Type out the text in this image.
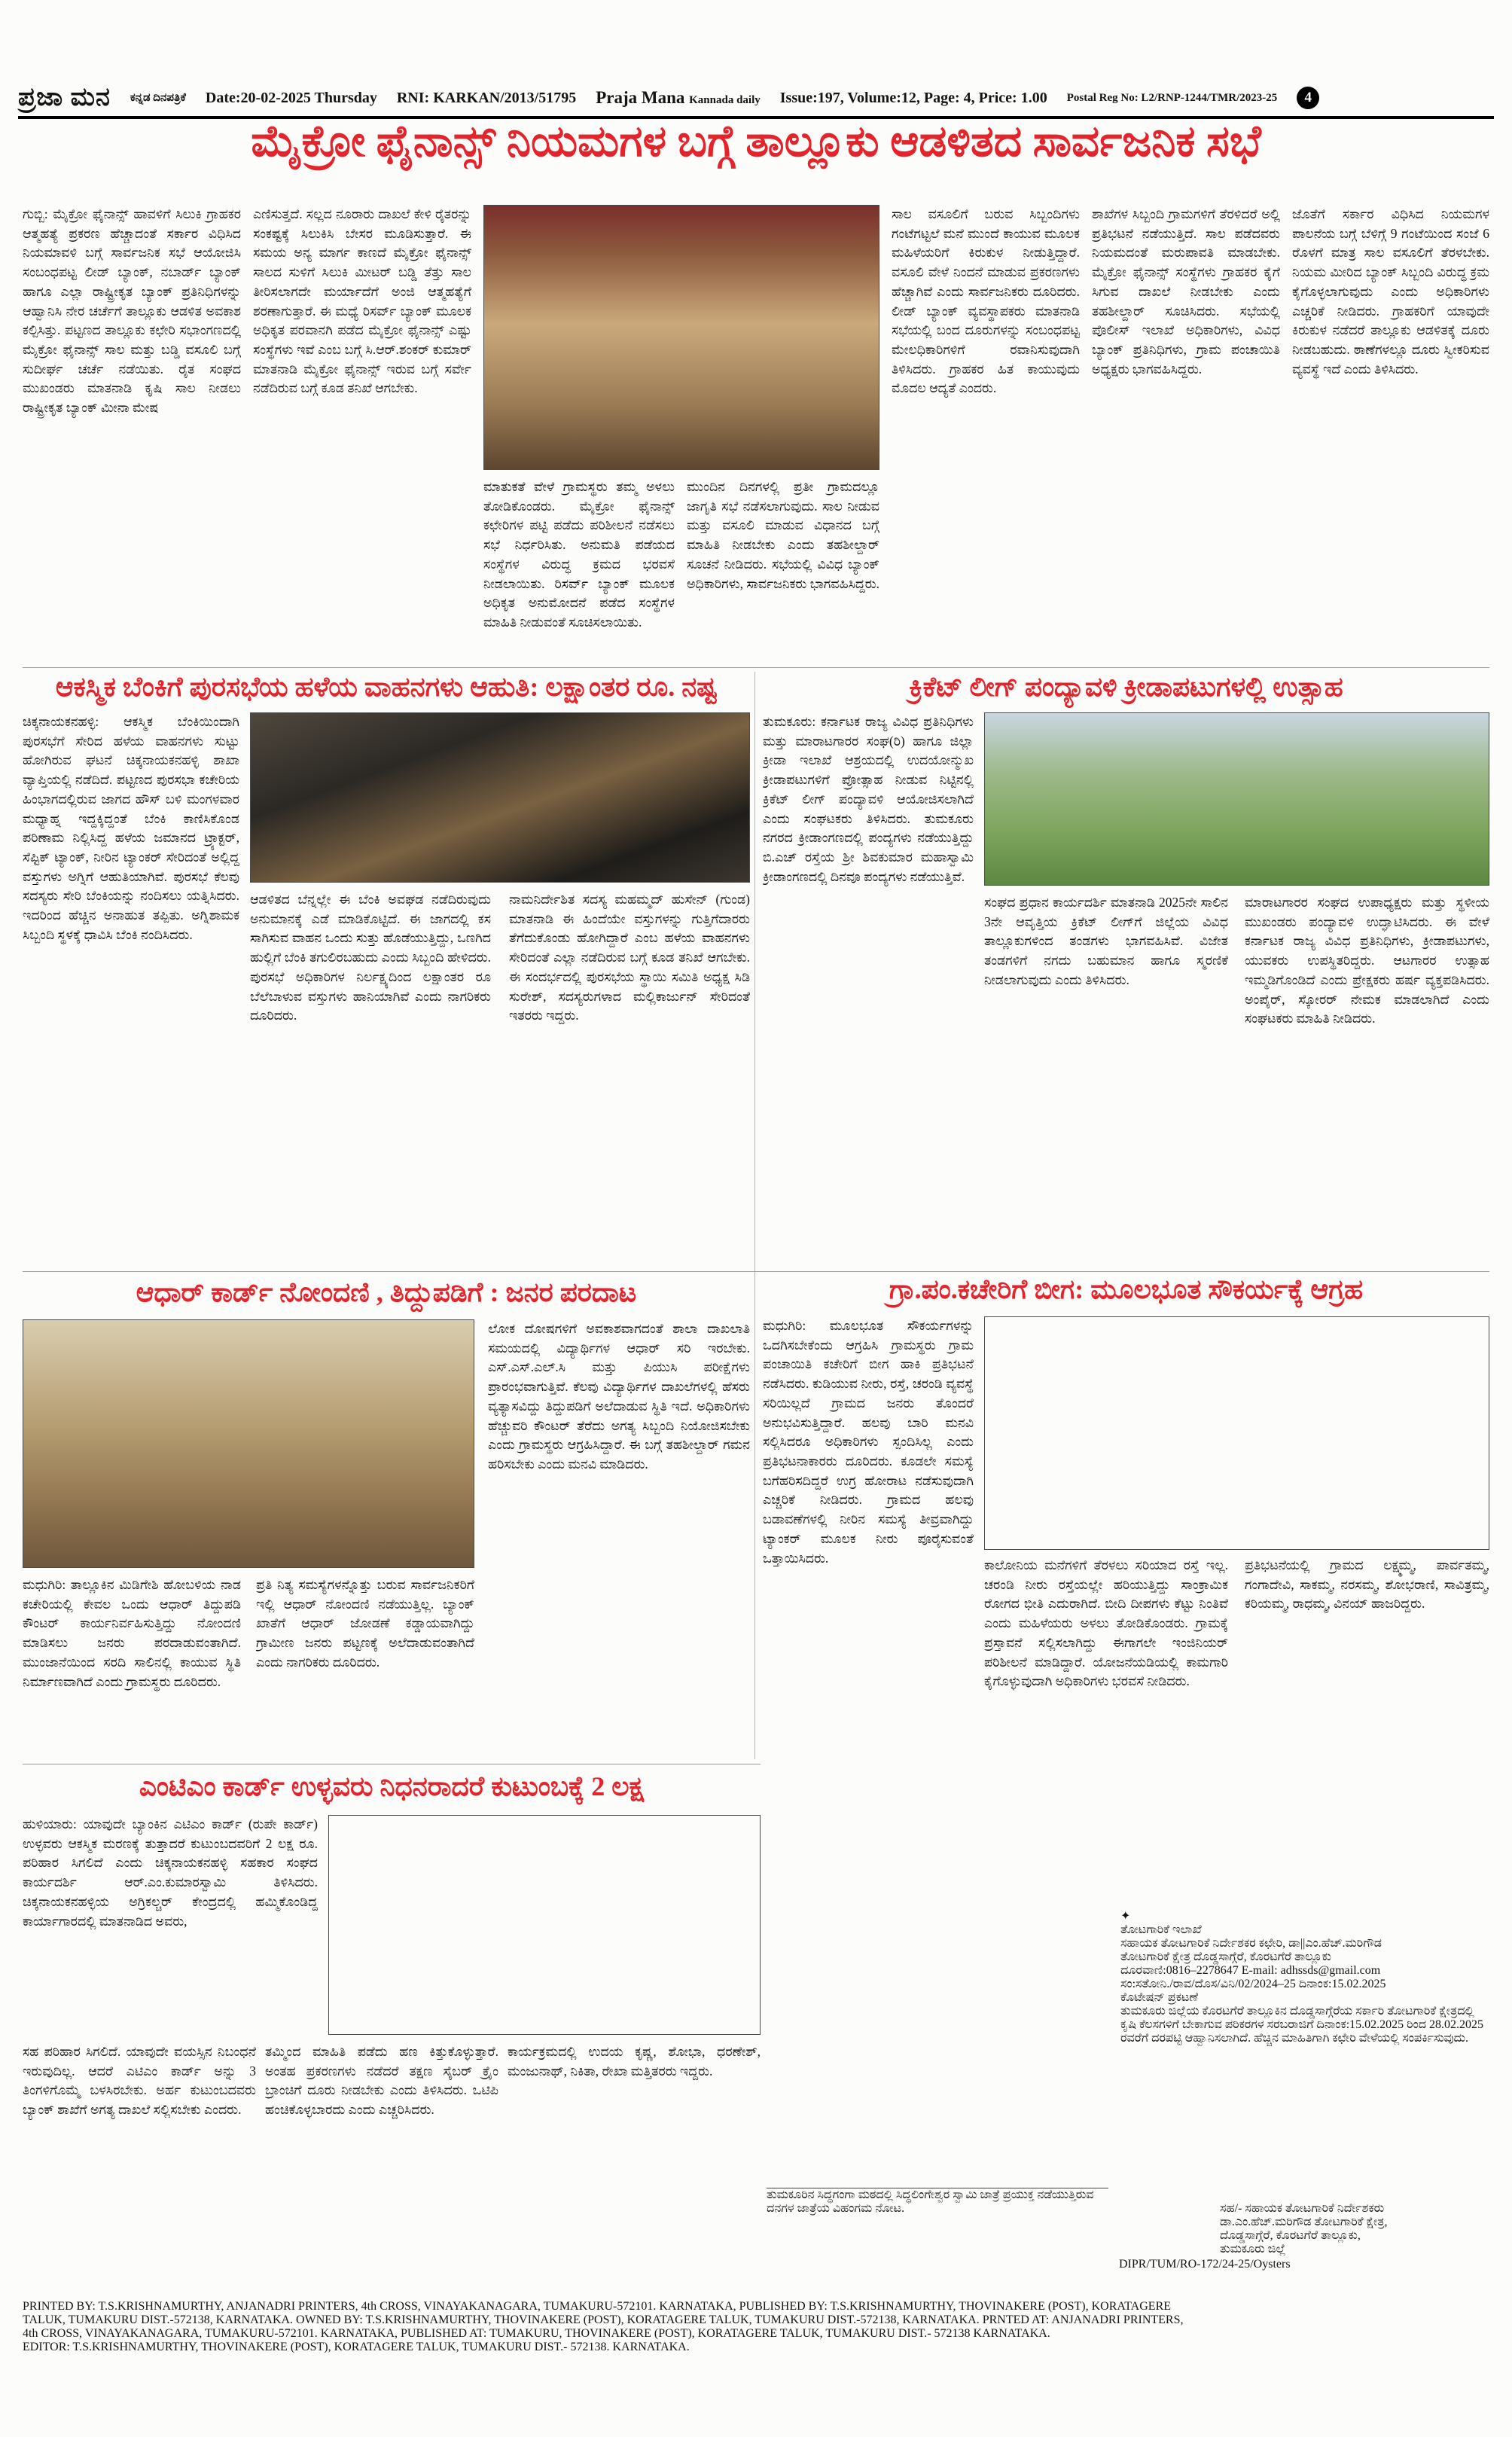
ಪ್ರಜಾ ಮನ ಕನ್ನಡ ದಿನಪತ್ರಿಕೆ Date:20-02-2025 Thursday RNI: KARKAN/2013/51795 Praja Mana Kannada daily Issue:197, Volume:12, Page: 4, Price: 1.00 Postal Reg No: L2/RNP-1244/TMR/2023-25	4
ಮೈಕ್ರೋ ಫೈನಾನ್ಸ್ ನಿಯಮಗಳ ಬಗ್ಗೆ ತಾಲ್ಲೂಕು ಆಡಳಿತದ ಸಾರ್ವಜನಿಕ ಸಭೆ
ಗುಬ್ಬಿ: ಮೈಕ್ರೋ ಫೈನಾನ್ಸ್ ಹಾವಳಿಗೆ ಸಿಲುಕಿ ಗ್ರಾಹಕರ ಆತ್ಮಹತ್ಯೆ ಪ್ರಕರಣ ಹೆಚ್ಚಾದಂತೆ ಸರ್ಕಾರ ವಿಧಿಸಿದ ನಿಯಮಾವಳಿ ಬಗ್ಗೆ ಸಾರ್ವಜನಿಕ ಸಭೆ ಆಯೋಜಿಸಿ ಸಂಬಂಧಪಟ್ಟ ಲೀಡ್ ಬ್ಯಾಂಕ್, ನಬಾರ್ಡ್ ಬ್ಯಾಂಕ್ ಹಾಗೂ ಎಲ್ಲಾ ರಾಷ್ಟ್ರೀಕೃತ ಬ್ಯಾಂಕ್ ಪ್ರತಿನಿಧಿಗಳನ್ನು ಆಹ್ವಾನಿಸಿ ನೇರ ಚರ್ಚೆಗೆ ತಾಲ್ಲೂಕು ಆಡಳಿತ ಅವಕಾಶ ಕಲ್ಪಿಸಿತ್ತು. ಪಟ್ಟಣದ ತಾಲ್ಲೂಕು ಕಛೇರಿ ಸಭಾಂಗಣದಲ್ಲಿ ಮೈಕ್ರೋ ಫೈನಾನ್ಸ್ ಸಾಲ ಮತ್ತು ಬಡ್ಡಿ ವಸೂಲಿ ಬಗ್ಗೆ ಸುದೀರ್ಘ ಚರ್ಚೆ ನಡೆಯಿತು. ರೈತ ಸಂಘದ ಮುಖಂಡರು ಮಾತನಾಡಿ ಕೃಷಿ ಸಾಲ ನೀಡಲು ರಾಷ್ಟ್ರೀಕೃತ ಬ್ಯಾಂಕ್ ಮೀನಾ ಮೇಷ
ಎಣಿಸುತ್ತದೆ. ಸಲ್ಲದ ನೂರಾರು ದಾಖಲೆ ಕೇಳಿ ರೈತರನ್ನು ಸಂಕಷ್ಟಕ್ಕೆ ಸಿಲುಕಿಸಿ ಬೇಸರ ಮೂಡಿಸುತ್ತಾರೆ. ಈ ಸಮಯ ಅನ್ಯ ಮಾರ್ಗ ಕಾಣದೆ ಮೈಕ್ರೋ ಫೈನಾನ್ಸ್ ಸಾಲದ ಸುಳಿಗೆ ಸಿಲುಕಿ ಮೀಟರ್ ಬಡ್ಡಿ ತೆತ್ತು ಸಾಲ ತೀರಿಸಲಾಗದೇ ಮರ್ಯಾದೆಗೆ ಅಂಜಿ ಆತ್ಮಹತ್ಯೆಗೆ ಶರಣಾಗುತ್ತಾರೆ. ಈ ಮಧ್ಯೆ ರಿಸರ್ವ್ ಬ್ಯಾಂಕ್ ಮೂಲಕ ಅಧಿಕೃತ ಪರವಾನಗಿ ಪಡೆದ ಮೈಕ್ರೋ ಫೈನಾನ್ಸ್ ಎಷ್ಟು ಸಂಸ್ಥೆಗಳು ಇವೆ ಎಂಬ ಬಗ್ಗೆ ಸಿ.ಆರ್.ಶಂಕರ್ ಕುಮಾರ್ ಮಾತನಾಡಿ ಮೈಕ್ರೋ ಫೈನಾನ್ಸ್ ಇರುವ ಬಗ್ಗೆ ಸರ್ವೇ ನಡೆದಿರುವ ಬಗ್ಗೆ ಕೂಡ ತನಿಖೆ ಆಗಬೇಕು.
ಮಾತುಕತೆ ವೇಳೆ ಗ್ರಾಮಸ್ಥರು ತಮ್ಮ ಅಳಲು ತೋಡಿಕೊಂಡರು. ಮೈಕ್ರೋ ಫೈನಾನ್ಸ್ ಕಛೇರಿಗಳ ಪಟ್ಟಿ ಪಡೆದು ಪರಿಶೀಲನೆ ನಡೆಸಲು ಸಭೆ ನಿರ್ಧರಿಸಿತು. ಅನುಮತಿ ಪಡೆಯದ ಸಂಸ್ಥೆಗಳ ವಿರುದ್ಧ ಕ್ರಮದ ಭರವಸೆ ನೀಡಲಾಯಿತು. ರಿಸರ್ವ್ ಬ್ಯಾಂಕ್ ಮೂಲಕ ಅಧಿಕೃತ ಅನುಮೋದನೆ ಪಡೆದ ಸಂಸ್ಥೆಗಳ ಮಾಹಿತಿ ನೀಡುವಂತೆ ಸೂಚಿಸಲಾಯಿತು.
ಮುಂದಿನ ದಿನಗಳಲ್ಲಿ ಪ್ರತೀ ಗ್ರಾಮದಲ್ಲೂ ಜಾಗೃತಿ ಸಭೆ ನಡೆಸಲಾಗುವುದು. ಸಾಲ ನೀಡುವ ಮತ್ತು ವಸೂಲಿ ಮಾಡುವ ವಿಧಾನದ ಬಗ್ಗೆ ಮಾಹಿತಿ ನೀಡಬೇಕು ಎಂದು ತಹಶೀಲ್ದಾರ್ ಸೂಚನೆ ನೀಡಿದರು. ಸಭೆಯಲ್ಲಿ ವಿವಿಧ ಬ್ಯಾಂಕ್ ಅಧಿಕಾರಿಗಳು, ಸಾರ್ವಜನಿಕರು ಭಾಗವಹಿಸಿದ್ದರು.
ಸಾಲ ವಸೂಲಿಗೆ ಬರುವ ಸಿಬ್ಬಂದಿಗಳು ಗಂಟೆಗಟ್ಟಲೆ ಮನೆ ಮುಂದೆ ಕಾಯುವ ಮೂಲಕ ಮಹಿಳೆಯರಿಗೆ ಕಿರುಕುಳ ನೀಡುತ್ತಿದ್ದಾರೆ. ವಸೂಲಿ ವೇಳೆ ನಿಂದನೆ ಮಾಡುವ ಪ್ರಕರಣಗಳು ಹೆಚ್ಚಾಗಿವೆ ಎಂದು ಸಾರ್ವಜನಿಕರು ದೂರಿದರು. ಲೀಡ್ ಬ್ಯಾಂಕ್ ವ್ಯವಸ್ಥಾಪಕರು ಮಾತನಾಡಿ ಸಭೆಯಲ್ಲಿ ಬಂದ ದೂರುಗಳನ್ನು ಸಂಬಂಧಪಟ್ಟ ಮೇಲಧಿಕಾರಿಗಳಿಗೆ ರವಾನಿಸುವುದಾಗಿ ತಿಳಿಸಿದರು. ಗ್ರಾಹಕರ ಹಿತ ಕಾಯುವುದು ಮೊದಲ ಆದ್ಯತೆ ಎಂದರು.
ಶಾಖೆಗಳ ಸಿಬ್ಬಂದಿ ಗ್ರಾಮಗಳಿಗೆ ತೆರಳಿದರೆ ಅಲ್ಲಿ ಪ್ರತಿಭಟನೆ ನಡೆಯುತ್ತಿದೆ. ಸಾಲ ಪಡೆದವರು ನಿಯಮದಂತೆ ಮರುಪಾವತಿ ಮಾಡಬೇಕು. ಮೈಕ್ರೋ ಫೈನಾನ್ಸ್ ಸಂಸ್ಥೆಗಳು ಗ್ರಾಹಕರ ಕೈಗೆ ಸಿಗುವ ದಾಖಲೆ ನೀಡಬೇಕು ಎಂದು ತಹಶೀಲ್ದಾರ್ ಸೂಚಿಸಿದರು. ಸಭೆಯಲ್ಲಿ ಪೊಲೀಸ್ ಇಲಾಖೆ ಅಧಿಕಾರಿಗಳು, ವಿವಿಧ ಬ್ಯಾಂಕ್ ಪ್ರತಿನಿಧಿಗಳು, ಗ್ರಾಮ ಪಂಚಾಯಿತಿ ಅಧ್ಯಕ್ಷರು ಭಾಗವಹಿಸಿದ್ದರು.
ಜೊತೆಗೆ ಸರ್ಕಾರ ವಿಧಿಸಿದ ನಿಯಮಗಳ ಪಾಲನೆಯ ಬಗ್ಗೆ ಬೆಳಿಗ್ಗೆ 9 ಗಂಟೆಯಿಂದ ಸಂಜೆ 6 ರೊಳಗೆ ಮಾತ್ರ ಸಾಲ ವಸೂಲಿಗೆ ತೆರಳಬೇಕು. ನಿಯಮ ಮೀರಿದ ಬ್ಯಾಂಕ್ ಸಿಬ್ಬಂದಿ ವಿರುದ್ಧ ಕ್ರಮ ಕೈಗೊಳ್ಳಲಾಗುವುದು ಎಂದು ಅಧಿಕಾರಿಗಳು ಎಚ್ಚರಿಕೆ ನೀಡಿದರು. ಗ್ರಾಹಕರಿಗೆ ಯಾವುದೇ ಕಿರುಕುಳ ನಡೆದರೆ ತಾಲ್ಲೂಕು ಆಡಳಿತಕ್ಕೆ ದೂರು ನೀಡಬಹುದು. ಠಾಣೆಗಳಲ್ಲೂ ದೂರು ಸ್ವೀಕರಿಸುವ ವ್ಯವಸ್ಥೆ ಇದೆ ಎಂದು ತಿಳಿಸಿದರು.
ಆಕಸ್ಮಿಕ ಬೆಂಕಿಗೆ ಪುರಸಭೆಯ ಹಳೆಯ ವಾಹನಗಳು ಆಹುತಿ: ಲಕ್ಷಾಂತರ ರೂ. ನಷ್ಟ
ಚಿಕ್ಕನಾಯಕನಹಳ್ಳಿ: ಆಕಸ್ಮಿಕ ಬೆಂಕಿಯಿಂದಾಗಿ ಪುರಸಭೆಗೆ ಸೇರಿದ ಹಳೆಯ ವಾಹನಗಳು ಸುಟ್ಟು ಹೋಗಿರುವ ಘಟನೆ ಚಿಕ್ಕನಾಯಕನಹಳ್ಳಿ ಶಾಖಾ ವ್ಯಾಪ್ತಿಯಲ್ಲಿ ನಡೆದಿದೆ. ಪಟ್ಟಣದ ಪುರಸಭಾ ಕಚೇರಿಯ ಹಿಂಭಾಗದಲ್ಲಿರುವ ಜಾಗದ ಹೌಸ್ ಬಳಿ ಮಂಗಳವಾರ ಮಧ್ಯಾಹ್ನ ಇದ್ದಕ್ಕಿದ್ದಂತೆ ಬೆಂಕಿ ಕಾಣಿಸಿಕೊಂಡ ಪರಿಣಾಮ ನಿಲ್ಲಿಸಿದ್ದ ಹಳೆಯ ಜಮಾನದ ಟ್ರ್ಯಾಕ್ಟರ್, ಸೆಪ್ಟಿಕ್ ಟ್ಯಾಂಕ್, ನೀರಿನ ಟ್ಯಾಂಕರ್ ಸೇರಿದಂತೆ ಅಲ್ಲಿದ್ದ ವಸ್ತುಗಳು ಅಗ್ನಿಗೆ ಆಹುತಿಯಾಗಿವೆ. ಪುರಸಭೆ ಕೆಲವು ಸದಸ್ಯರು ಸೇರಿ ಬೆಂಕಿಯನ್ನು ನಂದಿಸಲು ಯತ್ನಿಸಿದರು. ಇದರಿಂದ ಹೆಚ್ಚಿನ ಅನಾಹುತ ತಪ್ಪಿತು. ಅಗ್ನಿಶಾಮಕ ಸಿಬ್ಬಂದಿ ಸ್ಥಳಕ್ಕೆ ಧಾವಿಸಿ ಬೆಂಕಿ ನಂದಿಸಿದರು.
ಆಡಳಿತದ ಬೆನ್ನಲ್ಲೇ ಈ ಬೆಂಕಿ ಅವಘಡ ನಡೆದಿರುವುದು ಅನುಮಾನಕ್ಕೆ ಎಡೆ ಮಾಡಿಕೊಟ್ಟಿದೆ. ಈ ಜಾಗದಲ್ಲಿ ಕಸ ಸಾಗಿಸುವ ವಾಹನ ಒಂದು ಸುತ್ತು ಹೊಡೆಯುತ್ತಿದ್ದು, ಒಣಗಿದ ಹುಲ್ಲಿಗೆ ಬೆಂಕಿ ತಗುಲಿರಬಹುದು ಎಂದು ಸಿಬ್ಬಂದಿ ಹೇಳಿದರು. ಪುರಸಭೆ ಅಧಿಕಾರಿಗಳ ನಿರ್ಲಕ್ಷ್ಯದಿಂದ ಲಕ್ಷಾಂತರ ರೂ ಬೆಲೆಬಾಳುವ ವಸ್ತುಗಳು ಹಾನಿಯಾಗಿವೆ ಎಂದು ನಾಗರಿಕರು ದೂರಿದರು.
ನಾಮನಿರ್ದೇಶಿತ ಸದಸ್ಯ ಮಹಮ್ಮದ್ ಹುಸೇನ್ (ಗುಂಡ) ಮಾತನಾಡಿ ಈ ಹಿಂದೆಯೇ ವಸ್ತುಗಳನ್ನು ಗುತ್ತಿಗೆದಾರರು ತೆಗೆದುಕೊಂಡು ಹೋಗಿದ್ದಾರೆ ಎಂಬ ಹಳೆಯ ವಾಹನಗಳು ಸೇರಿದಂತೆ ಎಲ್ಲಾ ನಡೆದಿರುವ ಬಗ್ಗೆ ಕೂಡ ತನಿಖೆ ಆಗಬೇಕು. ಈ ಸಂದರ್ಭದಲ್ಲಿ ಪುರಸಭೆಯ ಸ್ಥಾಯಿ ಸಮಿತಿ ಅಧ್ಯಕ್ಷ ಸಿಡಿ ಸುರೇಶ್, ಸದಸ್ಯರುಗಳಾದ ಮಲ್ಲಿಕಾರ್ಜುನ್ ಸೇರಿದಂತೆ ಇತರರು ಇದ್ದರು.
ಕ್ರಿಕೆಟ್ ಲೀಗ್ ಪಂದ್ಯಾವಳಿ ಕ್ರೀಡಾಪಟುಗಳಲ್ಲಿ ಉತ್ಸಾಹ
ತುಮಕೂರು: ಕರ್ನಾಟಕ ರಾಜ್ಯ ವಿವಿಧ ಪ್ರತಿನಿಧಿಗಳು ಮತ್ತು ಮಾರಾಟಗಾರರ ಸಂಘ(ರಿ) ಹಾಗೂ ಜಿಲ್ಲಾ ಕ್ರೀಡಾ ಇಲಾಖೆ ಆಶ್ರಯದಲ್ಲಿ ಉದಯೋನ್ಮುಖ ಕ್ರೀಡಾಪಟುಗಳಿಗೆ ಪ್ರೋತ್ಸಾಹ ನೀಡುವ ನಿಟ್ಟಿನಲ್ಲಿ ಕ್ರಿಕೆಟ್ ಲೀಗ್ ಪಂದ್ಯಾವಳಿ ಆಯೋಜಿಸಲಾಗಿದೆ ಎಂದು ಸಂಘಟಕರು ತಿಳಿಸಿದರು. ತುಮಕೂರು ನಗರದ ಕ್ರೀಡಾಂಗಣದಲ್ಲಿ ಪಂದ್ಯಗಳು ನಡೆಯುತ್ತಿದ್ದು ಬಿ.ಎಚ್ ರಸ್ತೆಯ ಶ್ರೀ ಶಿವಕುಮಾರ ಮಹಾಸ್ವಾಮಿ ಕ್ರೀಡಾಂಗಣದಲ್ಲಿ ದಿನವೂ ಪಂದ್ಯಗಳು ನಡೆಯುತ್ತಿವೆ.
ಸಂಘದ ಪ್ರಧಾನ ಕಾರ್ಯದರ್ಶಿ ಮಾತನಾಡಿ 2025ನೇ ಸಾಲಿನ 3ನೇ ಆವೃತ್ತಿಯ ಕ್ರಿಕೆಟ್ ಲೀಗ್‌ಗೆ ಜಿಲ್ಲೆಯ ವಿವಿಧ ತಾಲ್ಲೂಕುಗಳಿಂದ ತಂಡಗಳು ಭಾಗವಹಿಸಿವೆ. ವಿಜೇತ ತಂಡಗಳಿಗೆ ನಗದು ಬಹುಮಾನ ಹಾಗೂ ಸ್ಮರಣಿಕೆ ನೀಡಲಾಗುವುದು ಎಂದು ತಿಳಿಸಿದರು.
ಮಾರಾಟಗಾರರ ಸಂಘದ ಉಪಾಧ್ಯಕ್ಷರು ಮತ್ತು ಸ್ಥಳೀಯ ಮುಖಂಡರು ಪಂದ್ಯಾವಳಿ ಉದ್ಘಾಟಿಸಿದರು. ಈ ವೇಳೆ ಕರ್ನಾಟಕ ರಾಜ್ಯ ವಿವಿಧ ಪ್ರತಿನಿಧಿಗಳು, ಕ್ರೀಡಾಪಟುಗಳು, ಯುವಕರು ಉಪಸ್ಥಿತರಿದ್ದರು. ಆಟಗಾರರ ಉತ್ಸಾಹ ಇಮ್ಮಡಿಗೊಂಡಿದೆ ಎಂದು ಪ್ರೇಕ್ಷಕರು ಹರ್ಷ ವ್ಯಕ್ತಪಡಿಸಿದರು. ಅಂಪೈರ್, ಸ್ಕೋರರ್ ನೇಮಕ ಮಾಡಲಾಗಿದೆ ಎಂದು ಸಂಘಟಕರು ಮಾಹಿತಿ ನೀಡಿದರು.
ಆಧಾರ್ ಕಾರ್ಡ್ ನೋಂದಣಿ , ತಿದ್ದುಪಡಿಗೆ : ಜನರ ಪರದಾಟ
ಲೋಕ ದೋಷಗಳಿಗೆ ಅವಕಾಶವಾಗದಂತೆ ಶಾಲಾ ದಾಖಲಾತಿ ಸಮಯದಲ್ಲಿ ವಿದ್ಯಾರ್ಥಿಗಳ ಆಧಾರ್ ಸರಿ ಇರಬೇಕು. ಎಸ್.ಎಸ್.ಎಲ್.ಸಿ ಮತ್ತು ಪಿಯುಸಿ ಪರೀಕ್ಷೆಗಳು ಪ್ರಾರಂಭವಾಗುತ್ತಿವೆ. ಕೆಲವು ವಿದ್ಯಾರ್ಥಿಗಳ ದಾಖಲೆಗಳಲ್ಲಿ ಹೆಸರು ವ್ಯತ್ಯಾಸವಿದ್ದು ತಿದ್ದುಪಡಿಗೆ ಅಲೆದಾಡುವ ಸ್ಥಿತಿ ಇದೆ. ಅಧಿಕಾರಿಗಳು ಹೆಚ್ಚುವರಿ ಕೌಂಟರ್ ತೆರೆದು ಅಗತ್ಯ ಸಿಬ್ಬಂದಿ ನಿಯೋಜಿಸಬೇಕು ಎಂದು ಗ್ರಾಮಸ್ಥರು ಆಗ್ರಹಿಸಿದ್ದಾರೆ. ಈ ಬಗ್ಗೆ ತಹಶೀಲ್ದಾರ್ ಗಮನ ಹರಿಸಬೇಕು ಎಂದು ಮನವಿ ಮಾಡಿದರು.
ಮಧುಗಿರಿ: ತಾಲ್ಲೂಕಿನ ಮಿಡಿಗೇಶಿ ಹೋಬಳಿಯ ನಾಡ ಕಚೇರಿಯಲ್ಲಿ ಕೇವಲ ಒಂದು ಆಧಾರ್ ತಿದ್ದುಪಡಿ ಕೌಂಟರ್ ಕಾರ್ಯನಿರ್ವಹಿಸುತ್ತಿದ್ದು ನೋಂದಣಿ ಮಾಡಿಸಲು ಜನರು ಪರದಾಡುವಂತಾಗಿದೆ. ಮುಂಜಾನೆಯಿಂದ ಸರದಿ ಸಾಲಿನಲ್ಲಿ ಕಾಯುವ ಸ್ಥಿತಿ ನಿರ್ಮಾಣವಾಗಿದೆ ಎಂದು ಗ್ರಾಮಸ್ಥರು ದೂರಿದರು.
ಪ್ರತಿ ನಿತ್ಯ ಸಮಸ್ಯೆಗಳನ್ನೊತ್ತು ಬರುವ ಸಾರ್ವಜನಿಕರಿಗೆ ಇಲ್ಲಿ ಆಧಾರ್ ನೋಂದಣಿ ನಡೆಯುತ್ತಿಲ್ಲ. ಬ್ಯಾಂಕ್ ಖಾತೆಗೆ ಆಧಾರ್ ಜೋಡಣೆ ಕಡ್ಡಾಯವಾಗಿದ್ದು ಗ್ರಾಮೀಣ ಜನರು ಪಟ್ಟಣಕ್ಕೆ ಅಲೆದಾಡುವಂತಾಗಿದೆ ಎಂದು ನಾಗರಿಕರು ದೂರಿದರು.
ಗ್ರಾ.ಪಂ.ಕಚೇರಿಗೆ ಬೀಗ: ಮೂಲಭೂತ ಸೌಕರ್ಯಕ್ಕೆ ಆಗ್ರಹ
ಮಧುಗಿರಿ: ಮೂಲಭೂತ ಸೌಕರ್ಯಗಳನ್ನು ಒದಗಿಸಬೇಕೆಂದು ಆಗ್ರಹಿಸಿ ಗ್ರಾಮಸ್ಥರು ಗ್ರಾಮ ಪಂಚಾಯಿತಿ ಕಚೇರಿಗೆ ಬೀಗ ಹಾಕಿ ಪ್ರತಿಭಟನೆ ನಡೆಸಿದರು. ಕುಡಿಯುವ ನೀರು, ರಸ್ತೆ, ಚರಂಡಿ ವ್ಯವಸ್ಥೆ ಸರಿಯಿಲ್ಲದೆ ಗ್ರಾಮದ ಜನರು ತೊಂದರೆ ಅನುಭವಿಸುತ್ತಿದ್ದಾರೆ. ಹಲವು ಬಾರಿ ಮನವಿ ಸಲ್ಲಿಸಿದರೂ ಅಧಿಕಾರಿಗಳು ಸ್ಪಂದಿಸಿಲ್ಲ ಎಂದು ಪ್ರತಿಭಟನಾಕಾರರು ದೂರಿದರು. ಕೂಡಲೇ ಸಮಸ್ಯೆ ಬಗೆಹರಿಸದಿದ್ದರೆ ಉಗ್ರ ಹೋರಾಟ ನಡೆಸುವುದಾಗಿ ಎಚ್ಚರಿಕೆ ನೀಡಿದರು. ಗ್ರಾಮದ ಹಲವು ಬಡಾವಣೆಗಳಲ್ಲಿ ನೀರಿನ ಸಮಸ್ಯೆ ತೀವ್ರವಾಗಿದ್ದು ಟ್ಯಾಂಕರ್ ಮೂಲಕ ನೀರು ಪೂರೈಸುವಂತೆ ಒತ್ತಾಯಿಸಿದರು.	ಕಾಲೋನಿಯ ಮನೆಗಳಿಗೆ ತೆರಳಲು ಸರಿಯಾದ ರಸ್ತೆ ಇಲ್ಲ. ಚರಂಡಿ ನೀರು ರಸ್ತೆಯಲ್ಲೇ ಹರಿಯುತ್ತಿದ್ದು ಸಾಂಕ್ರಾಮಿಕ ರೋಗದ ಭೀತಿ ಎದುರಾಗಿದೆ. ಬೀದಿ ದೀಪಗಳು ಕೆಟ್ಟು ನಿಂತಿವೆ ಎಂದು ಮಹಿಳೆಯರು ಅಳಲು ತೋಡಿಕೊಂಡರು. ಗ್ರಾಮಕ್ಕೆ ಪ್ರಸ್ತಾವನೆ ಸಲ್ಲಿಸಲಾಗಿದ್ದು ಈಗಾಗಲೇ ಇಂಜಿನಿಯರ್ ಪರಿಶೀಲನೆ ಮಾಡಿದ್ದಾರೆ. ಯೋಜನೆಯಡಿಯಲ್ಲಿ ಕಾಮಗಾರಿ ಕೈಗೊಳ್ಳುವುದಾಗಿ ಅಧಿಕಾರಿಗಳು ಭರವಸೆ ನೀಡಿದರು.
ಪ್ರತಿಭಟನೆಯಲ್ಲಿ ಗ್ರಾಮದ ಲಕ್ಷ್ಮಮ್ಮ, ಪಾರ್ವತಮ್ಮ, ಗಂಗಾದೇವಿ, ಸಾಕಮ್ಮ, ನರಸಮ್ಮ, ಶೋಭರಾಣಿ, ಸಾವಿತ್ರಮ್ಮ, ಕರಿಯಮ್ಮ, ರಾಧಮ್ಮ, ವಿನಯ್ ಹಾಜರಿದ್ದರು.
ಎಂಟಿಎಂ ಕಾರ್ಡ್ ಉಳ್ಳವರು ನಿಧನರಾದರೆ ಕುಟುಂಬಕ್ಕೆ 2 ಲಕ್ಷ
ಹುಳಿಯಾರು: ಯಾವುದೇ ಬ್ಯಾಂಕಿನ ಎಟಿಎಂ ಕಾರ್ಡ್ (ರುಪೇ ಕಾರ್ಡ್) ಉಳ್ಳವರು ಆಕಸ್ಮಿಕ ಮರಣಕ್ಕೆ ತುತ್ತಾದರೆ ಕುಟುಂಬದವರಿಗೆ 2 ಲಕ್ಷ ರೂ. ಪರಿಹಾರ ಸಿಗಲಿದೆ ಎಂದು ಚಿಕ್ಕನಾಯಕನಹಳ್ಳಿ ಸಹಕಾರ ಸಂಘದ ಕಾರ್ಯದರ್ಶಿ ಆರ್.ಎಂ.ಕುಮಾರಸ್ವಾಮಿ ತಿಳಿಸಿದರು. ಚಿಕ್ಕನಾಯಕನಹಳ್ಳಿಯ ಅಗ್ರಿಕಲ್ಚರ್ ಕೇಂದ್ರದಲ್ಲಿ ಹಮ್ಮಿಕೊಂಡಿದ್ದ ಕಾರ್ಯಾಗಾರದಲ್ಲಿ ಮಾತನಾಡಿದ ಅವರು,
ಸಹ ಪರಿಹಾರ ಸಿಗಲಿದೆ. ಯಾವುದೇ ವಯಸ್ಸಿನ ನಿಬಂಧನೆ ಇರುವುದಿಲ್ಲ. ಆದರೆ ಎಟಿಎಂ ಕಾರ್ಡ್ ಅನ್ನು 3 ತಿಂಗಳಿಗೊಮ್ಮೆ ಬಳಸಿರಬೇಕು. ಅರ್ಹ ಕುಟುಂಬದವರು ಬ್ಯಾಂಕ್ ಶಾಖೆಗೆ ಅಗತ್ಯ ದಾಖಲೆ ಸಲ್ಲಿಸಬೇಕು ಎಂದರು.
ತಮ್ಮಿಂದ ಮಾಹಿತಿ ಪಡೆದು ಹಣ ಕಿತ್ತುಕೊಳ್ಳುತ್ತಾರೆ. ಅಂತಹ ಪ್ರಕರಣಗಳು ನಡೆದರೆ ತಕ್ಷಣ ಸೈಬರ್ ಕ್ರೈಂ ಬ್ರಾಂಚಿಗೆ ದೂರು ನೀಡಬೇಕು ಎಂದು ತಿಳಿಸಿದರು. ಒಟಿಪಿ ಹಂಚಿಕೊಳ್ಳಬಾರದು ಎಂದು ಎಚ್ಚರಿಸಿದರು.
ಕಾರ್ಯಕ್ರಮದಲ್ಲಿ ಉದಯ ಕೃಷ್ಣ, ಶೋಭಾ, ಧರಣೇಶ್, ಮಂಜುನಾಥ್, ನಿಕಿತಾ, ರೇಖಾ ಮತ್ತಿತರರು ಇದ್ದರು.
ತುಮಕೂರಿನ ಸಿದ್ಧಗಂಗಾ ಮಠದಲ್ಲಿ ಸಿದ್ಧಲಿಂಗೇಶ್ವರ ಸ್ವಾಮಿ ಜಾತ್ರೆ ಪ್ರಯುಕ್ತ ನಡೆಯುತ್ತಿರುವ ದನಗಳ ಜಾತ್ರೆಯ ವಿಹಂಗಮ ನೋಟ.
✦
ತೋಟಗಾರಿಕೆ ಇಲಾಖೆ
ಸಹಾಯಕ ತೋಟಗಾರಿಕೆ ನಿರ್ದೇಶಕರ ಕಛೇರಿ, ಡಾ||ಎಂ.ಹೆಚ್.ಮರಿಗೌಡ
ತೋಟಗಾರಿಕೆ ಕ್ಷೇತ್ರ ದೊಡ್ಡಸಾಗ್ಗೆರೆ, ಕೊರಟಗೆರೆ ತಾಲ್ಲೂಕು
ದೂರವಾಣಿ:0816–2278647 E-mail: adhssds@gmail.com
ಸಂ:ಸತೋನಿ./ರಾವ/ದೊಸ/ವಿನಿ/02/2024–25 ದಿನಾಂಕ:15.02.2025
ಕೊಟೇಷನ್ ಪ್ರಕಟಣೆ
ತುಮಕೂರು ಜಿಲ್ಲೆಯ ಕೊರಟಗೆರೆ ತಾಲ್ಲೂಕಿನ ದೊಡ್ಡಸಾಗ್ಗೆರೆಯ ಸರ್ಕಾರಿ ತೋಟಗಾರಿಕೆ ಕ್ಷೇತ್ರದಲ್ಲಿ ಕೃಷಿ ಕೆಲಸಗಳಿಗೆ ಬೇಕಾಗುವ ಪರಿಕರಗಳ ಸರಬರಾಜಿಗೆ ದಿನಾಂಕ:15.02.2025 ರಿಂದ 28.02.2025 ರವರೆಗೆ ದರಪಟ್ಟಿ ಆಹ್ವಾನಿಸಲಾಗಿದೆ. ಹೆಚ್ಚಿನ ಮಾಹಿತಿಗಾಗಿ ಕಛೇರಿ ವೇಳೆಯಲ್ಲಿ ಸಂಪರ್ಕಿಸುವುದು.
ಸಹ/- ಸಹಾಯಕ ತೋಟಗಾರಿಕೆ ನಿರ್ದೇಶಕರು
ಡಾ.ಎಂ.ಹೆಚ್.ಮರಿಗೌಡ ತೋಟಗಾರಿಕೆ ಕ್ಷೇತ್ರ,
ದೊಡ್ಡಸಾಗ್ಗೆರೆ, ಕೊರಟಗೆರೆ ತಾಲ್ಲೂಕು,
ತುಮಕೂರು ಜಿಲ್ಲೆ
DIPR/TUM/RO-172/24-25/Oysters
PRINTED BY: T.S.KRISHNAMURTHY, ANJANADRI PRINTERS, 4th CROSS, VINAYAKANAGARA, TUMAKURU-572101. KARNATAKA, PUBLISHED BY: T.S.KRISHNAMURTHY, THOVINAKERE (POST), KORATAGERE
TALUK, TUMAKURU DIST.-572138, KARNATAKA. OWNED BY: T.S.KRISHNAMURTHY, THOVINAKERE (POST), KORATAGERE TALUK, TUMAKURU DIST.-572138, KARNATAKA. PRNTED AT: ANJANADRI PRINTERS,
4th CROSS, VINAYAKANAGARA, TUMAKURU-572101. KARNATAKA, PUBLISHED AT: TUMAKURU, THOVINAKERE (POST), KORATAGERE TALUK, TUMAKURU DIST.- 572138 KARNATAKA.
EDITOR: T.S.KRISHNAMURTHY, THOVINAKERE (POST), KORATAGERE TALUK, TUMAKURU DIST.- 572138. KARNATAKA.
